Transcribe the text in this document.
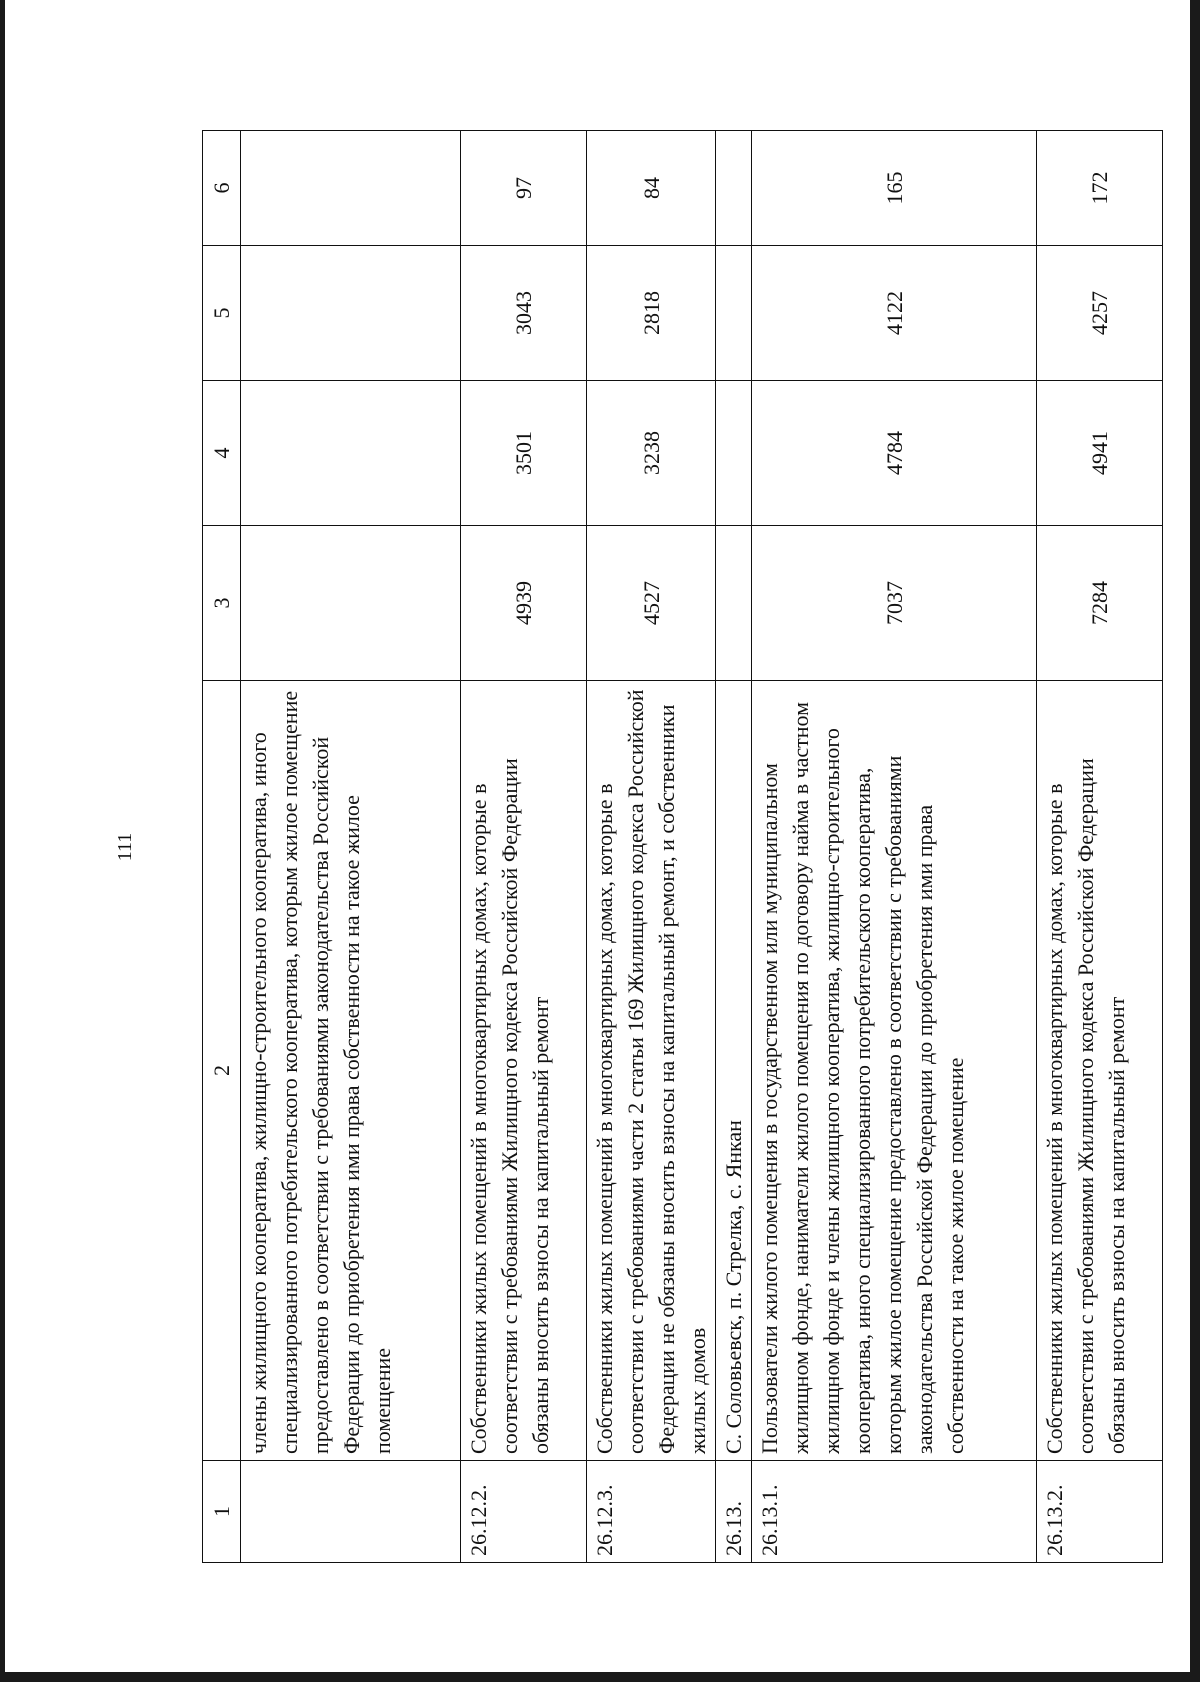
111
1	2	3	4	5	6
	члены жилищного кооператива, жилищно-строительного кооператива, иного специализированного потребительского кооператива, которым жилое помещение предоставлено в соответствии с требованиями законодательства Российской Федерации до приобретения ими права собственности на такое жилое помещение				
26.12.2.	Собственники жилых помещений в многоквартирных домах, которые в соответствии с требованиями Жилищного кодекса Российской Федерации обязаны вносить взносы на капитальный ремонт	4939	3501	3043	97
26.12.3.	Собственники жилых помещений в многоквартирных домах, которые в соответствии с требованиями части 2 статьи 169 Жилищного кодекса Российской Федерации не обязаны вносить взносы на капитальный ремонт, и собственники жилых домов	4527	3238	2818	84
26.13.	С. Соловьевск, п. Стрелка, с. Янкан				
26.13.1.	Пользователи жилого помещения в государственном или муниципальном жилищном фонде, наниматели жилого помещения по договору найма в частном жилищном фонде и члены жилищного кооператива, жилищно-строительного кооператива, иного специализированного потребительского кооператива, которым жилое помещение предоставлено в соответствии с требованиями законодательства Российской Федерации до приобретения ими права собственности на такое жилое помещение	7037	4784	4122	165
26.13.2.	Собственники жилых помещений в многоквартирных домах, которые в соответствии с требованиями Жилищного кодекса Российской Федерации обязаны вносить взносы на капитальный ремонт	7284	4941	4257	172
